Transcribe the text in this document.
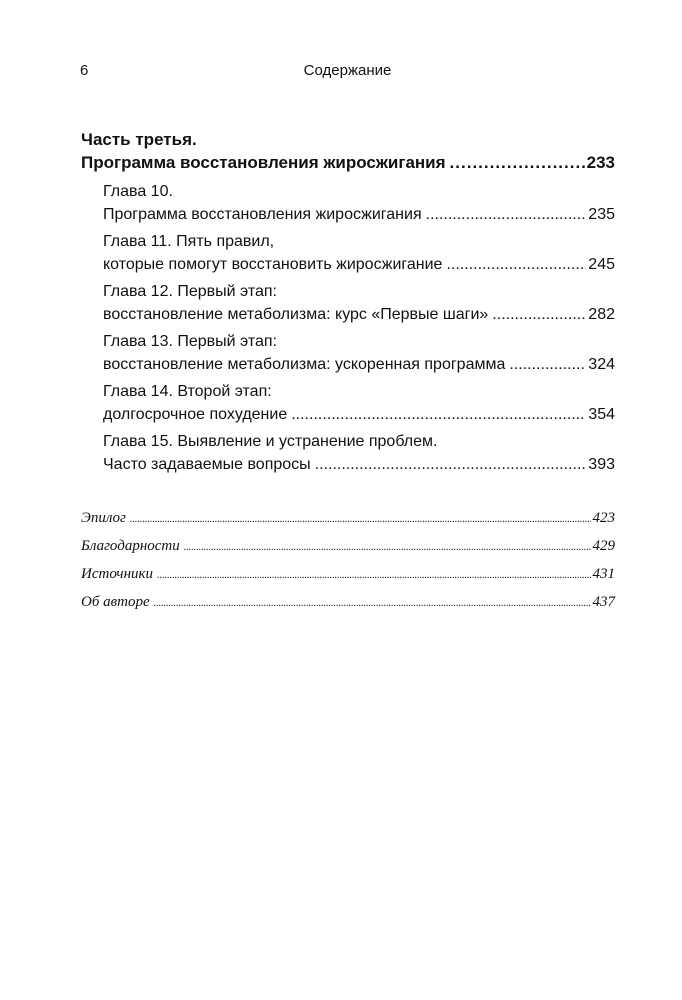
6	Содержание
Часть третья.
Программа восстановления жиросжигания .....	233
Глава 10.
Программа восстановления жиросжигания .....	235
Глава 11. Пять правил,
которые помогут восстановить жиросжигание .....	245
Глава 12. Первый этап:
восстановление метаболизма: курс «Первые шаги» .....	282
Глава 13. Первый этап:
восстановление метаболизма: ускоренная программа .....	324
Глава 14. Второй этап:
долгосрочное похудение .....	354
Глава 15. Выявление и устранение проблем.
Часто задаваемые вопросы .....	393
Эпилог .....	423
Благодарности .....	429
Источники .....	431
Об авторе .....	437
